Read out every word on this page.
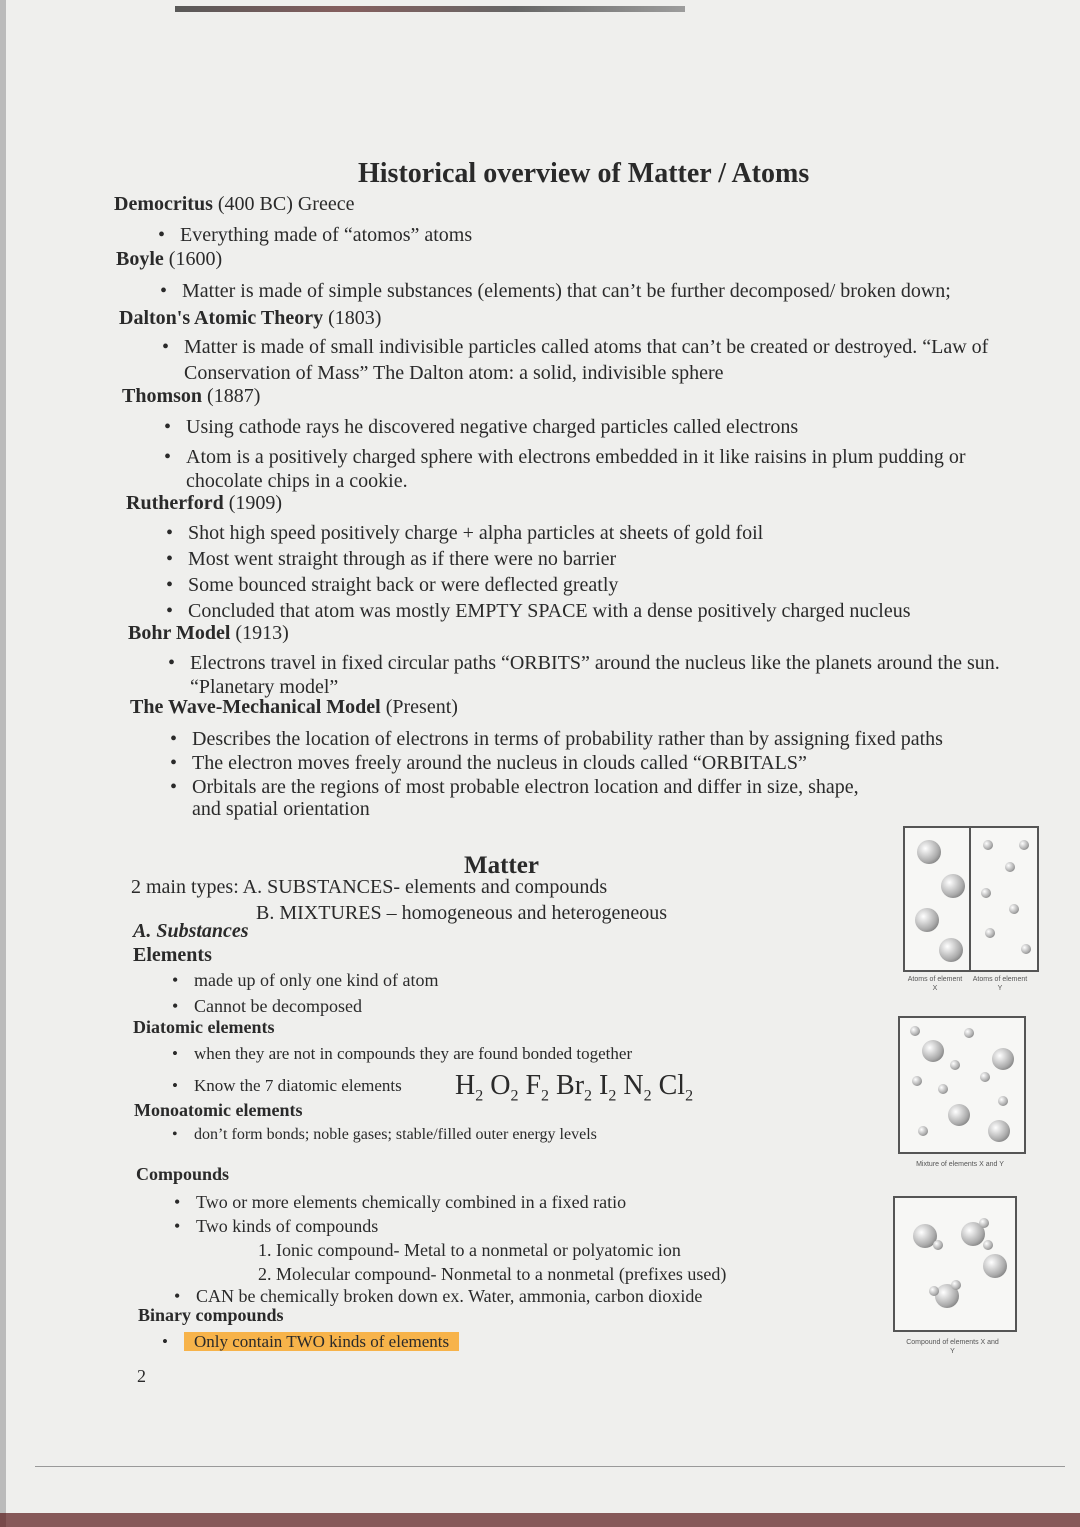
Historical overview of Matter / Atoms
Democritus (400 BC) Greece
• Everything made of “atomos” atoms
Boyle (1600)
• Matter is made of simple substances (elements) that can’t be further decomposed/ broken down;
Dalton's Atomic Theory (1803)
• Matter is made of small indivisible particles called atoms that can’t be created or destroyed. “Law of
Conservation of Mass” The Dalton atom: a solid, indivisible sphere
Thomson (1887)
• Using cathode rays he discovered negative charged particles called electrons
• Atom is a positively charged sphere with electrons embedded in it like raisins in plum pudding or
chocolate chips in a cookie.
Rutherford (1909)
• Shot high speed positively charge + alpha particles at sheets of gold foil
• Most went straight through as if there were no barrier
• Some bounced straight back or were deflected greatly
• Concluded that atom was mostly EMPTY SPACE with a dense positively charged nucleus
Bohr Model (1913)
• Electrons travel in fixed circular paths “ORBITS” around the nucleus like the planets around the sun.
“Planetary model”
The Wave-Mechanical Model (Present)
• Describes the location of electrons in terms of probability rather than by assigning fixed paths
• The electron moves freely around the nucleus in clouds called “ORBITALS”
• Orbitals are the regions of most probable electron location and differ in size, shape,
and spatial orientation
Matter
2 main types: A. SUBSTANCES- elements and compounds
B. MIXTURES – homogeneous and heterogeneous
A. Substances
Elements
• made up of only one kind of atom
• Cannot be decomposed
Diatomic elements
• when they are not in compounds they are found bonded together
• Know the 7 diatomic elements $H_2$ $O_2$ $F_2$ $Br_2$ $I_2$ $N_2$ $Cl_2$
Monoatomic elements
• don’t form bonds; noble gases; stable/filled outer energy levels
Compounds
• Two or more elements chemically combined in a fixed ratio
• Two kinds of compounds
1. Ionic compound- Metal to a nonmetal or polyatomic ion
2. Molecular compound- Nonmetal to a nonmetal (prefixes used)
• CAN be chemically broken down ex. Water, ammonia, carbon dioxide
Binary compounds
• Only contain TWO kinds of elements
Atoms of element X
Atoms of element Y
Mixture of elements X and Y
Compound of elements X and Y
2
